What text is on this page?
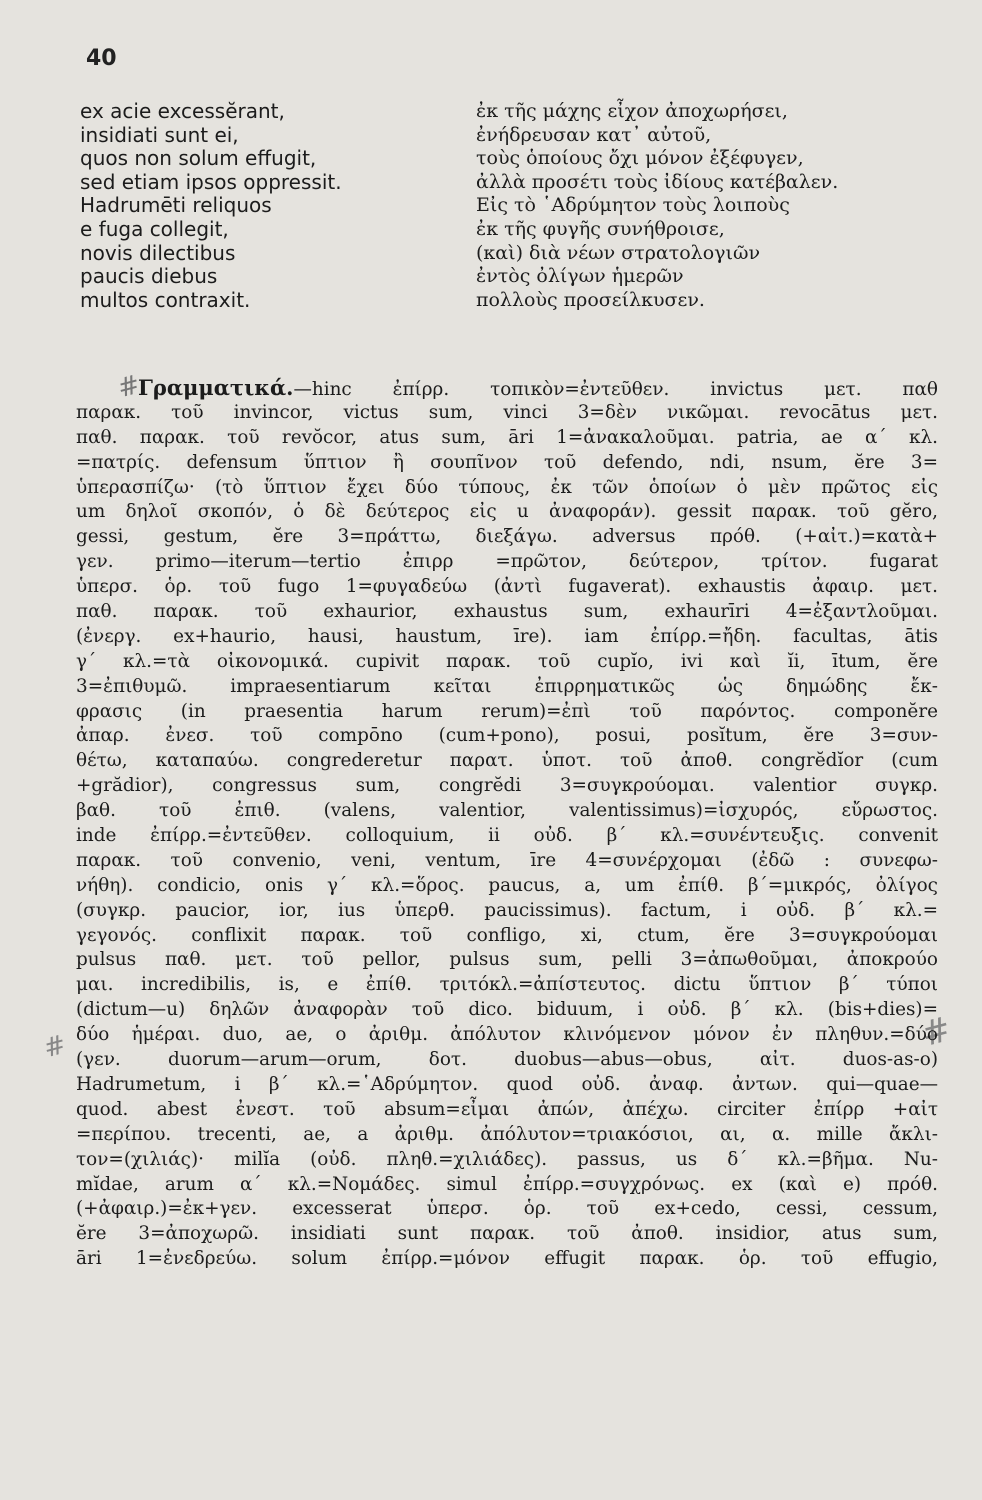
40
ex acie excessĕrant,
insidiati sunt ei,
quos non solum effugit,
sed etiam ipsos oppressit.
Hadrumēti reliquos
e fuga collegit,
novis dilectibus
paucis diebus
multos contraxit.
ἐκ τῆς μάχης εἶχον ἀποχωρήσει,
ἐνήδρευσαν κατ᾽ αὐτοῦ,
τοὺς ὁποίους ὄχι μόνον ἐξέφυγεν,
ἀλλὰ προσέτι τοὺς ἰδίους κατέβαλεν.
Εἰς τὸ ῾Αδρύμητον τοὺς λοιποὺς
ἐκ τῆς φυγῆς συνήθροισε,
(καὶ) διὰ νέων στρατολογιῶν
ἐντὸς ὀλίγων ἡμερῶν
πολλοὺς προσείλκυσεν.
#
#
#
Γραμματικά.—hinc ἐπίρρ. τοπικὸν=ἐντεῦθεν. invictus μετ. παθ
παρακ. τοῦ invincor, victus sum, vinci 3=δὲν νικῶμαι. revocātus μετ.
παθ. παρακ. τοῦ revŏcor, atus sum, āri 1=ἀνακαλοῦμαι. patria, ae α΄ κλ.
=πατρίς. defensum ὕπτιον ἢ σουπῖνον τοῦ defendo, ndi, nsum, ĕre 3=
ὑπερασπίζω· (τὸ ὕπτιον ἔχει δύο τύπους, ἐκ τῶν ὁποίων ὁ μὲν πρῶτος εἰς
um δηλοῖ σκοπόν, ὁ δὲ δεύτερος εἰς u ἀναφοράν). gessit παρακ. τοῦ gĕro,
gessi, gestum, ĕre 3=πράττω, διεξάγω. adversus πρόθ. (+αἰτ.)=κατὰ+
γεν. primo—iterum—tertio ἐπιρρ =πρῶτον, δεύτερον, τρίτον. fugarat
ὑπερσ. ὁρ. τοῦ fugo 1=φυγαδεύω (ἀντὶ fugaverat). exhaustis ἀφαιρ. μετ.
παθ. παρακ. τοῦ exhaurior, exhaustus sum, exhaurīri 4=ἐξαντλοῦμαι.
(ἐνεργ. ex+haurio, hausi, haustum, īre). iam ἐπίρρ.=ἤδη. facultas, ātis
γ΄ κλ.=τὰ οἰκονομικά. cupivit παρακ. τοῦ cupĭo, ivi καὶ ĭi, ītum, ĕre
3=ἐπιθυμῶ. impraesentiarum κεῖται ἐπιρρηματικῶς ὡς δημώδης ἔκ-
φρασις (in praesentia harum rerum)=ἐπὶ τοῦ παρόντος. componĕre
ἀπαρ. ἐνεσ. τοῦ compōno (cum+pono), posui, posĭtum, ĕre 3=συν-
θέτω, καταπαύω. congrederetur παρατ. ὑποτ. τοῦ ἀποθ. congrĕdĭor (cum
+grădior), congressus sum, congrĕdi 3=συγκρούομαι. valentior συγκρ.
βαθ. τοῦ ἐπιθ. (valens, valentior, valentissimus)=ἰσχυρός, εὔρωστος.
inde ἐπίρρ.=ἐντεῦθεν. colloquium, ii οὐδ. β΄ κλ.=συνέντευξις. convenit
παρακ. τοῦ convenio, veni, ventum, īre 4=συνέρχομαι (ἐδῶ : συνεφω-
νήθη). condicio, onis γ΄ κλ.=ὅρος. paucus, a, um ἐπίθ. β΄=μικρός, ὀλίγος
(συγκρ. paucior, ior, ius ὑπερθ. paucissimus). factum, i οὐδ. β΄ κλ.=
γεγονός. conflixit παρακ. τοῦ confligo, xi, ctum, ĕre 3=συγκρούομαι
pulsus παθ. μετ. τοῦ pellor, pulsus sum, pelli 3=ἀπωθοῦμαι, ἀποκρούο
μαι. incredibilis, is, e ἐπίθ. τριτόκλ.=ἀπίστευτος. dictu ὕπτιον β΄ τύποι
(dictum—u) δηλῶν ἀναφορὰν τοῦ dico. biduum, i οὐδ. β΄ κλ. (bis+dies)=
δύο ἡμέραι. duo, ae, o ἀριθμ. ἀπόλυτον κλινόμενον μόνον ἐν πληθυν.=δύο
(γεν. duorum—arum—orum, δοτ. duobus—abus—obus, αἰτ. duos-as-o)
Hadrumetum, i β΄ κλ.=῾Αδρύμητον. quod οὐδ. ἀναφ. ἀντων. qui—quae—
quod. abest ἐνεστ. τοῦ absum=εἶμαι ἀπών, ἀπέχω. circiter ἐπίρρ +αἰτ
=περίπου. trecenti, ae, a ἀριθμ. ἀπόλυτον=τριακόσιοι, αι, α. mille ἄκλι-
τον=(χιλιάς)· milĭa (οὐδ. πληθ.=χιλιάδες). passus, us δ΄ κλ.=βῆμα. Nu-
mĭdae, arum α΄ κλ.=Νομάδες. simul ἐπίρρ.=συγχρόνως. ex (καὶ e) πρόθ.
(+ἀφαιρ.)=ἐκ+γεν. excesserat ὑπερσ. ὁρ. τοῦ ex+cedo, cessi, cessum,
ĕre 3=ἀποχωρῶ. insidiati sunt παρακ. τοῦ ἀποθ. insidior, atus sum,
āri 1=ἐνεδρεύω. solum ἐπίρρ.=μόνον effugit παρακ. ὁρ. τοῦ effugio,
